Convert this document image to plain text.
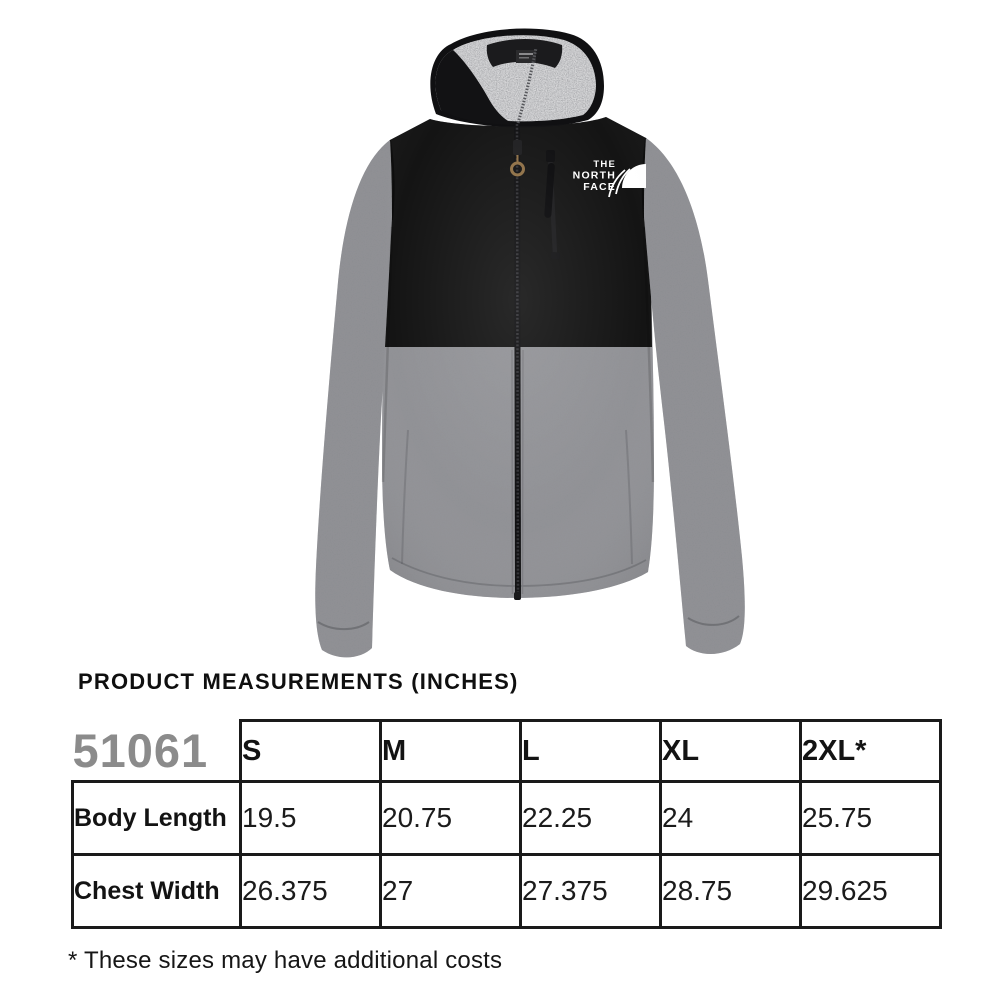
PRODUCT MEASUREMENTS (INCHES)
51061	S	M	L	XL	2XL*
Body Length	19.5	20.75	22.25	24	25.75
Chest Width	26.375	27	27.375	28.75	29.625
* These sizes may have additional costs
